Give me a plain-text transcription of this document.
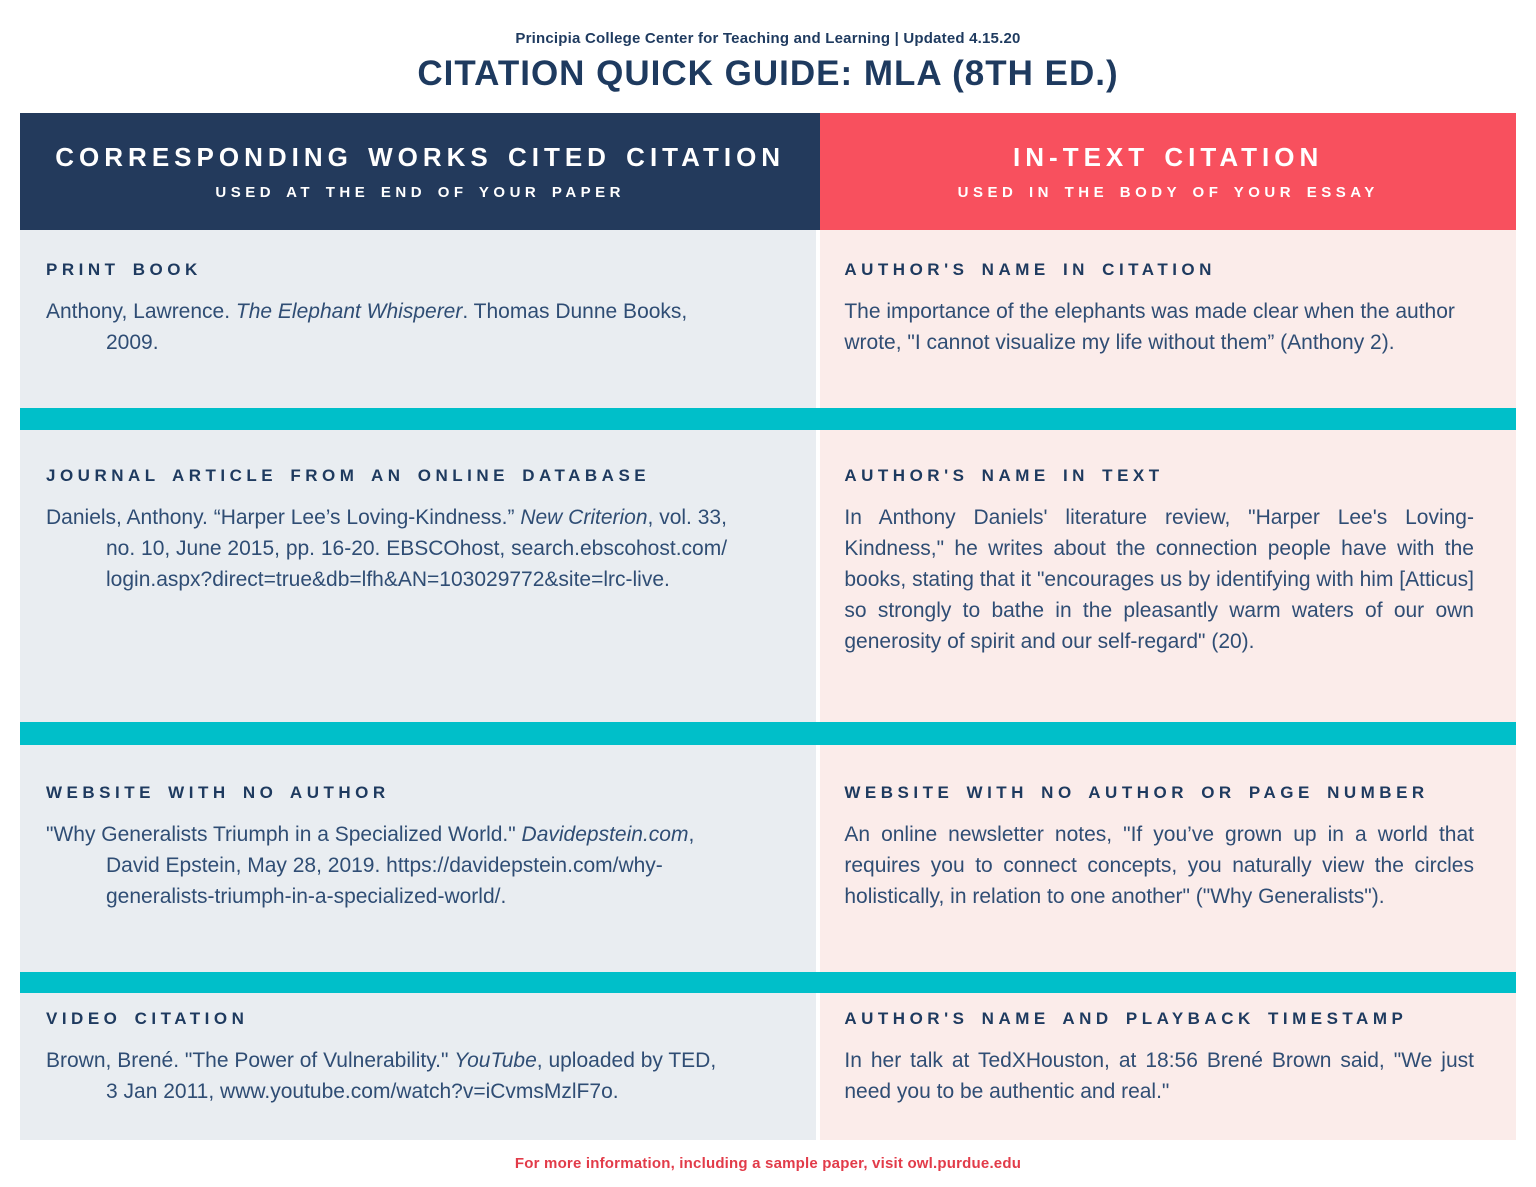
Principia College Center for Teaching and Learning | Updated 4.15.20
CITATION QUICK GUIDE: MLA (8TH ED.)
CORRESPONDING WORKS CITED CITATION
USED AT THE END OF YOUR PAPER
IN-TEXT CITATION
USED IN THE BODY OF YOUR ESSAY
PRINT BOOK

Anthony, Lawrence. The Elephant Whisperer. Thomas Dunne Books,
2009.

AUTHOR'S NAME IN CITATION

The importance of the elephants was made clear when the author wrote, "I cannot visualize my life without them” (Anthony 2).

JOURNAL ARTICLE FROM AN ONLINE DATABASE

Daniels, Anthony. “Harper Lee’s Loving-Kindness.” New Criterion, vol. 33,
no. 10, June 2015, pp. 16-20. EBSCOhost, search.ebscohost.com/
login.aspx?direct=true&db=lfh&AN=103029772&site=lrc-live.

AUTHOR'S NAME IN TEXT

In Anthony Daniels' literature review, "Harper Lee's Loving-Kindness," he writes about the connection people have with the books, stating that it "encourages us by identifying with him [Atticus] so strongly to bathe in the pleasantly warm waters of our own generosity of spirit and our self-regard" (20).

WEBSITE WITH NO AUTHOR

"Why Generalists Triumph in a Specialized World." Davidepstein.com,
David Epstein, May 28, 2019. https://davidepstein.com/why-
generalists-triumph-in-a-specialized-world/.

WEBSITE WITH NO AUTHOR OR PAGE NUMBER

An online newsletter notes, "If you’ve grown up in a world that requires you to connect concepts, you naturally view the circles holistically, in relation to one another" ("Why Generalists").

VIDEO CITATION

Brown, Brené. "The Power of Vulnerability." YouTube, uploaded by TED,
3 Jan 2011, www.youtube.com/watch?v=iCvmsMzlF7o.

AUTHOR'S NAME AND PLAYBACK TIMESTAMP

In her talk at TedXHouston, at 18:56 Brené Brown said, "We just need you to be authentic and real."

For more information, including a sample paper, visit owl.purdue.edu
